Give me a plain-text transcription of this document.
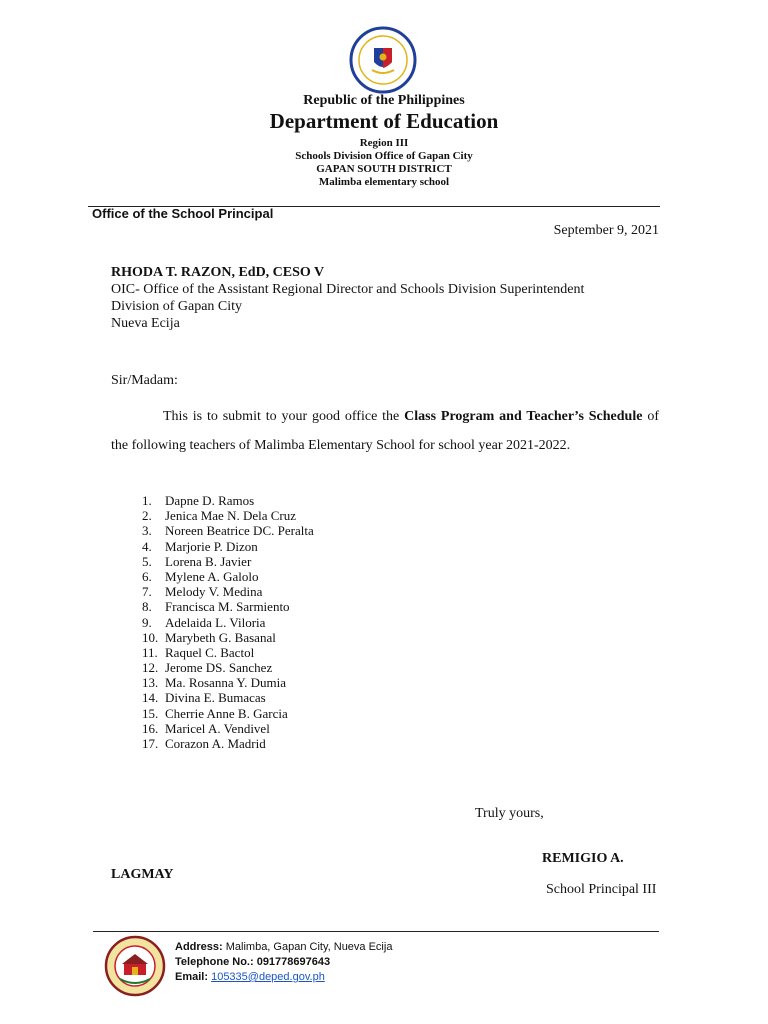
Republic of the Philippines
Department of Education
Region III
Schools Division Office of Gapan City
GAPAN SOUTH DISTRICT
Malimba elementary school
Office of the School Principal
September 9, 2021
RHODA T. RAZON, EdD, CESO V
OIC- Office of the Assistant Regional Director and Schools Division Superintendent
Division of Gapan City
Nueva Ecija
Sir/Madam:
This is to submit to your good office the Class Program and Teacher’s Schedule of the following teachers of Malimba Elementary School for school year 2021-2022.
1. Dapne D. Ramos
2. Jenica Mae N. Dela Cruz
3. Noreen Beatrice DC. Peralta
4. Marjorie P. Dizon
5. Lorena B. Javier
6. Mylene A. Galolo
7. Melody V. Medina
8. Francisca M. Sarmiento
9. Adelaida L. Viloria
10. Marybeth G. Basanal
11. Raquel C. Bactol
12. Jerome DS. Sanchez
13. Ma. Rosanna Y. Dumia
14. Divina E. Bumacas
15. Cherrie Anne B. Garcia
16. Maricel A. Vendivel
17. Corazon A. Madrid
Truly yours,
REMIGIO A.
LAGMAY
School Principal III
Address: Malimba, Gapan City, Nueva Ecija
Telephone No.: 091778697643
Email: 105335@deped.gov.ph
